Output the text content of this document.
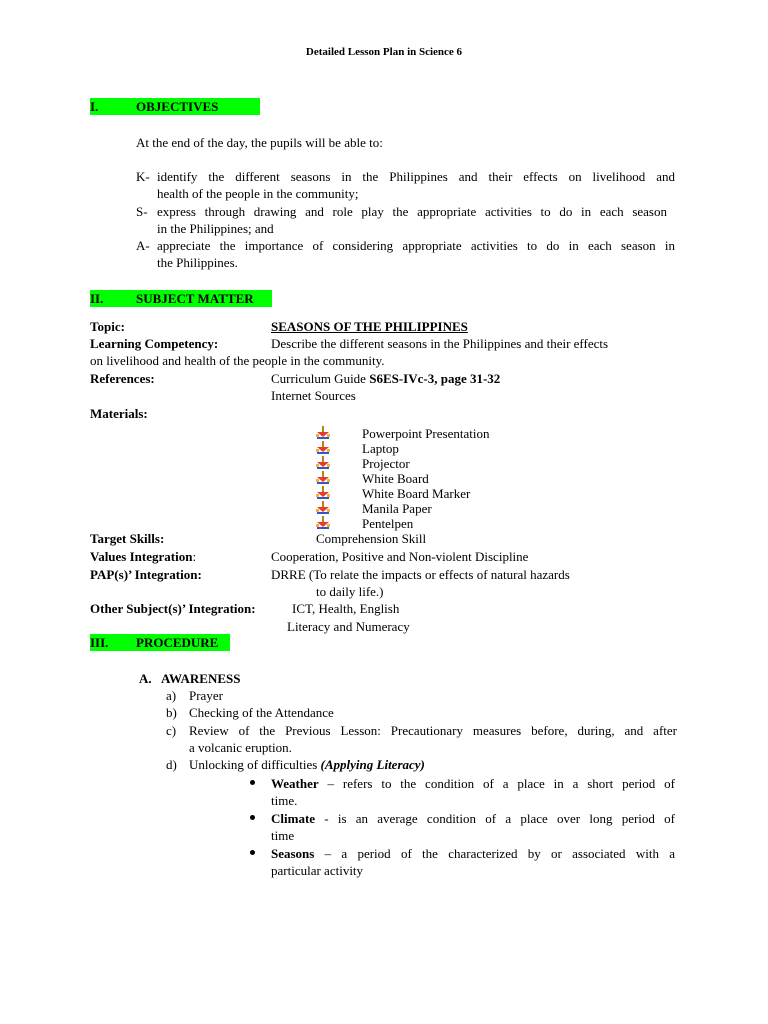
Detailed Lesson Plan in Science 6
I.	OBJECTIVES
At the end of the day, the pupils will be able to:
K- identify the different seasons in the Philippines and their effects on livelihood and
health of the people in the community;
S- express through drawing and role play the appropriate activities to do in each season
in the Philippines; and
A- appreciate the importance of considering appropriate activities to do in each season in
the Philippines.
II.	SUBJECT MATTER
Topic:	SEASONS OF THE PHILIPPINES
Learning Competency:	Describe the different seasons in the Philippines and their effects
on livelihood and health of the people in the community.
References:	Curriculum Guide S6ES-IVc-3, page 31-32
Internet Sources
Materials:
Powerpoint Presentation
Laptop
Projector
White Board
White Board Marker
Manila Paper
Pentelpen
Target Skills:	Comprehension Skill
Values Integration:	Cooperation, Positive and Non-violent Discipline
PAP(s)’ Integration:	DRRE (To relate the impacts or effects of natural hazards
to daily life.)
Other Subject(s)’ Integration:	ICT, Health, English
Literacy and Numeracy
III. PROCEDURE
A. AWARENESS
a) Prayer
b) Checking of the Attendance
c) Review of the Previous Lesson: Precautionary measures before, during, and after
a volcanic eruption.
d) Unlocking of difficulties (Applying Literacy)
Weather – refers to the condition of a place in a short period of
time.
Climate - is an average condition of a place over long period of
time
Seasons – a period of the characterized by or associated with a
particular activity
